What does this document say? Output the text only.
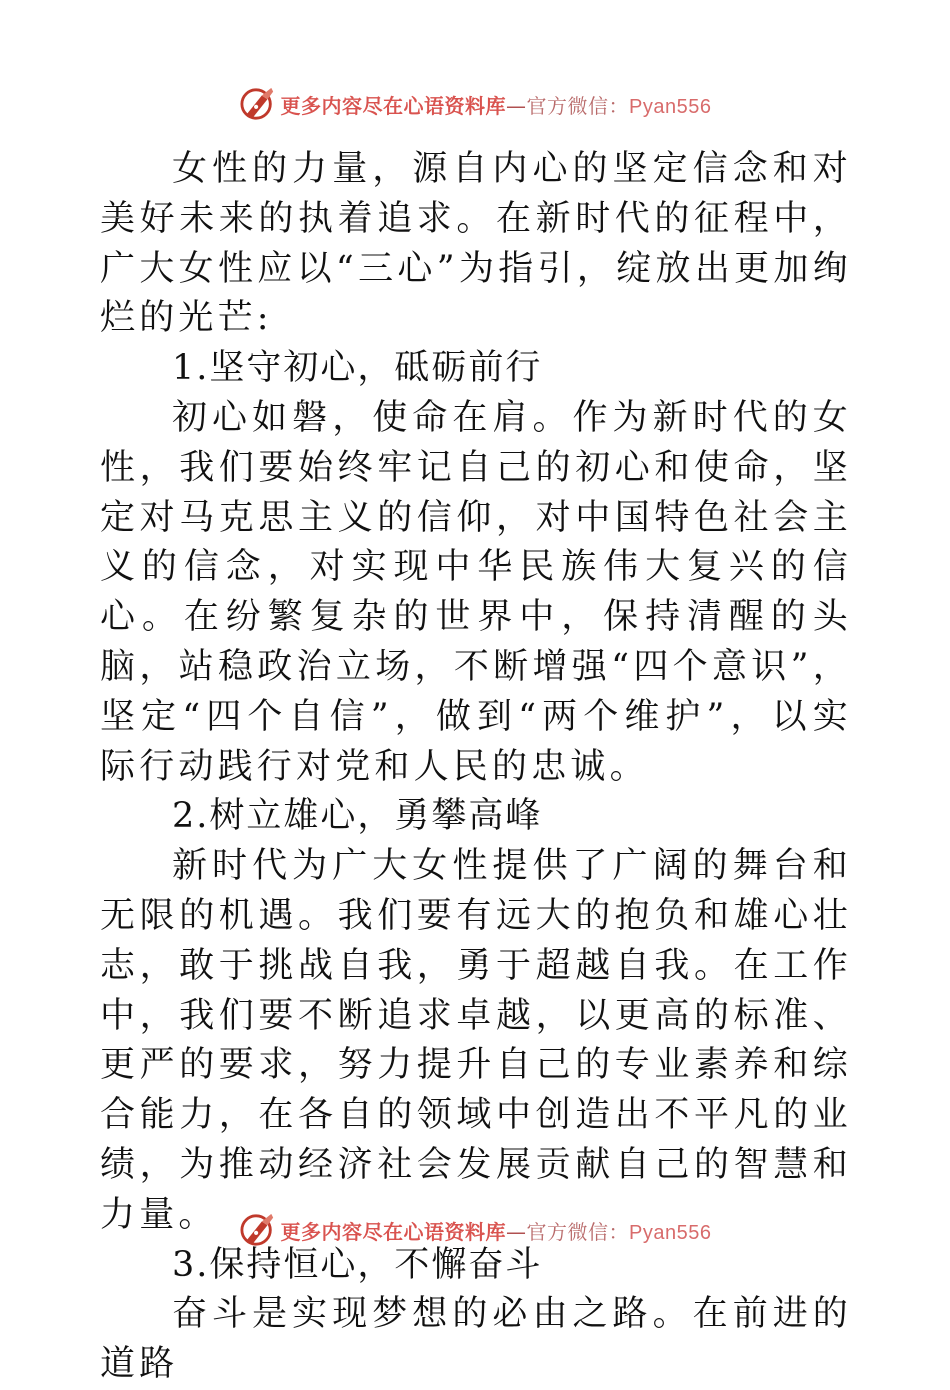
更多内容尽在心语资料库—官方微信：Pyan556

女性的力量，源自内心的坚定信念和对美好未来的执着追求。在新时代的征程中，广大女性应以“三心”为指引，绽放出更加绚烂的光芒:

1.坚守初心，砥砺前行

初心如磐，使命在肩。作为新时代的女性，我们要始终牢记自己的初心和使命，坚定对马克思主义的信仰，对中国特色社会主义的信念，对实现中华民族伟大复兴的信心。在纷繁复杂的世界中，保持清醒的头脑，站稳政治立场，不断增强“四个意识”，坚定“四个自信”，做到“两个维护”，以实际行动践行对党和人民的忠诚。

2.树立雄心，勇攀高峰

新时代为广大女性提供了广阔的舞台和无限的机遇。我们要有远大的抱负和雄心壮志，敢于挑战自我，勇于超越自我。在工作中，我们要不断追求卓越，以更高的标准、更严的要求，努力提升自己的专业素养和综合能力，在各自的领域中创造出不平凡的业绩，为推动经济社会发展贡献自己的智慧和力量。

3.保持恒心，不懈奋斗

奋斗是实现梦想的必由之路。在前进的道路

更多内容尽在心语资料库—官方微信：Pyan556
